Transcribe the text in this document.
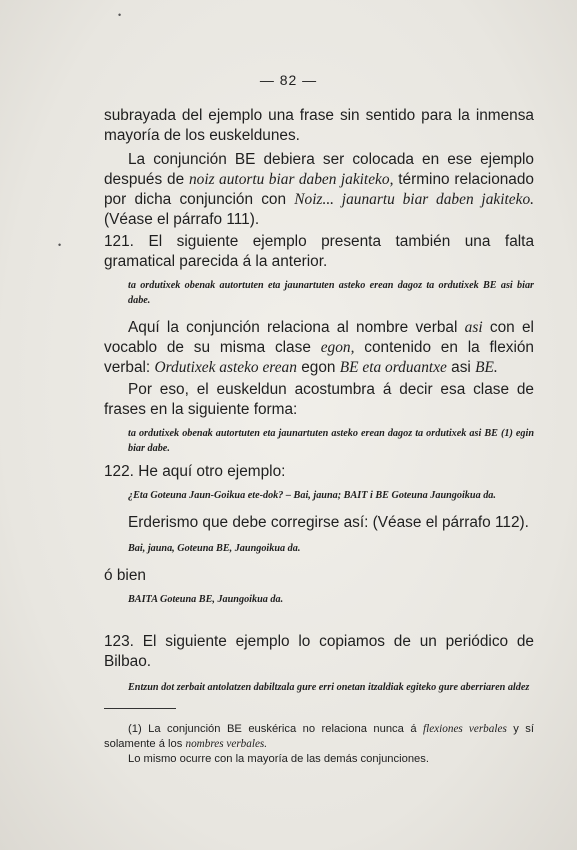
— 82 —
•
•

subrayada del ejemplo una frase sin sentido para la inmensa mayoría de los euskeldunes.

La conjunción BE debiera ser colocada en ese ejemplo después de noiz autortu biar daben jakiteko, término relacionado por dicha conjunción con Noiz... jaunartu biar daben jakiteko. (Véase el párrafo 111).

121. El siguiente ejemplo presenta también una falta gramatical parecida á la anterior.

ta ordutixek obenak autortuten eta jaunartuten asteko erean dagoz ta ordutixek BE asi biar dabe.

Aquí la conjunción relaciona al nombre verbal asi con el vocablo de su misma clase egon, contenido en la flexión verbal: Ordutixek asteko erean egon BE eta orduantxe asi BE.

Por eso, el euskeldun acostumbra á decir esa clase de frases en la siguiente forma:

ta ordutixek obenak autortuten eta jaunartuten asteko erean dagoz ta ordutixek asi BE (1) egin biar dabe.

122. He aquí otro ejemplo:

¿Eta Goteuna Jaun-Goikua ete-dok? – Bai, jauna; BAIT i BE Goteuna Jaungoikua da.

Erderismo que debe corregirse así: (Véase el párrafo 112).

Bai, jauna, Goteuna BE, Jaungoikua da.

ó bien

BAITA Goteuna BE, Jaungoikua da.

123. El siguiente ejemplo lo copiamos de un periódico de Bilbao.

Entzun dot zerbait antolatzen dabiltzala gure erri onetan itzaldiak egiteko gure aberriaren aldez

(1) La conjunción BE euskérica no relaciona nunca á flexiones verbales y sí solamente á los nombres verbales.

Lo mismo ocurre con la mayoría de las demás conjunciones.
